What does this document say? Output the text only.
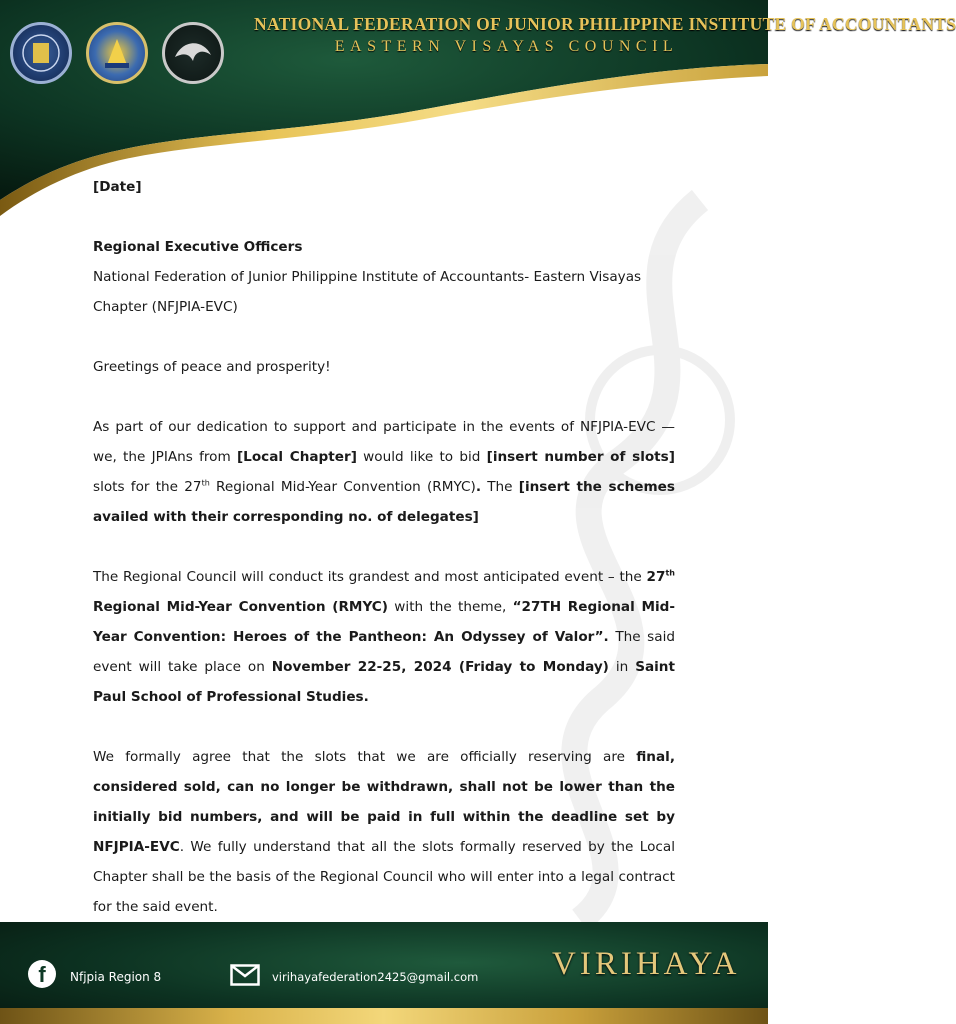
NATIONAL FEDERATION OF JUNIOR PHILIPPINE INSTITUTE OF ACCOUNTANTS
EASTERN VISAYAS COUNCIL

[Date]

Regional Executive Officers

National Federation of Junior Philippine Institute of Accountants- Eastern Visayas

Chapter (NFJPIA-EVC)

Greetings of peace and prosperity!

As part of our dedication to support and participate in the events of NFJPIA-EVC — we, the JPIAns from [Local Chapter] would like to bid [insert number of slots] slots for the 27th Regional Mid-Year Convention (RMYC). The [insert the schemes availed with their corresponding no. of delegates]

The Regional Council will conduct its grandest and most anticipated event – the 27th Regional Mid-Year Convention (RMYC) with the theme, “27TH Regional Mid-Year Convention: Heroes of the Pantheon: An Odyssey of Valor”. The said event will take place on November 22-25, 2024 (Friday to Monday) in Saint Paul School of Professional Studies.

We formally agree that the slots that we are officially reserving are final, considered sold, can no longer be withdrawn, shall not be lower than the initially bid numbers, and will be paid in full within the deadline set by NFJPIA-EVC. We fully understand that all the slots formally reserved by the Local Chapter shall be the basis of the Regional Council who will enter into a legal contract for the said event.

f	Nfjpia Region 8	virihayafederation2425@gmail.com VIRIHAYA
